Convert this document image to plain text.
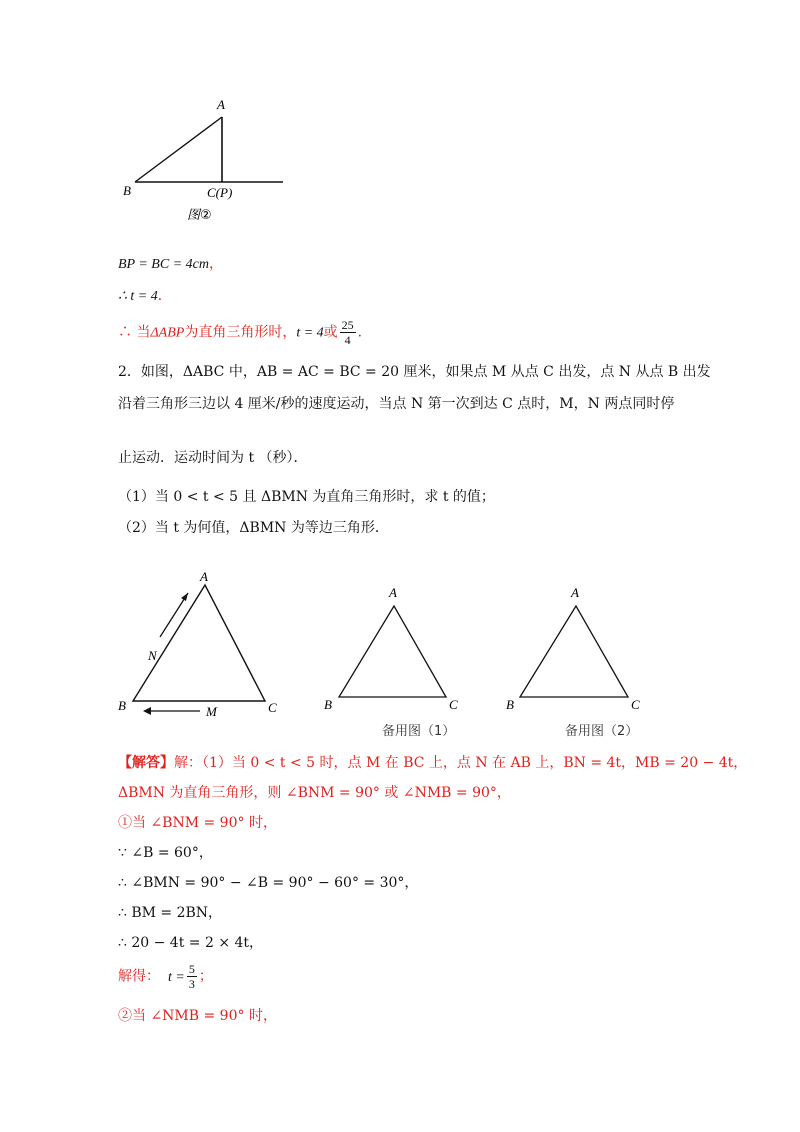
A
B	C(P)
图②
BP = BC = 4cm，
∴ t = 4．
∴ 当ΔABP为直角三角形时，t = 4或 $\frac{25}{4}$ ．
2．如图，ΔABC 中，AB = AC = BC = 20 厘米，如果点 M 从点 C 出发，点 N 从点 B 出发
沿着三角形三边以 4 厘米/秒的速度运动，当点 N 第一次到达 C 点时，M，N 两点同时停
止运动．运动时间为 t （秒）．
（1）当 0 < t < 5 且 ΔBMN 为直角三角形时，求 t 的值；
（2）当 t 为何值，ΔBMN 为等边三角形．
A
B	C
N
M
A
B	C
备用图（1）
A
B	C
备用图（2）
【解答】解：（1）当 0 < t < 5 时，点 M 在 BC 上，点 N 在 AB 上，BN = 4t，MB = 20 − 4t，
ΔBMN 为直角三角形，则 ∠BNM = 90° 或 ∠NMB = 90°，
①当 ∠BNM = 90° 时，
∵ ∠B = 60°，
∴ ∠BMN = 90° − ∠B = 90° − 60° = 30°，
∴ BM = 2BN，
∴ 20 − 4t = 2 × 4t，
解得： $t = \frac{5}{3}$ ；
②当 ∠NMB = 90° 时，
